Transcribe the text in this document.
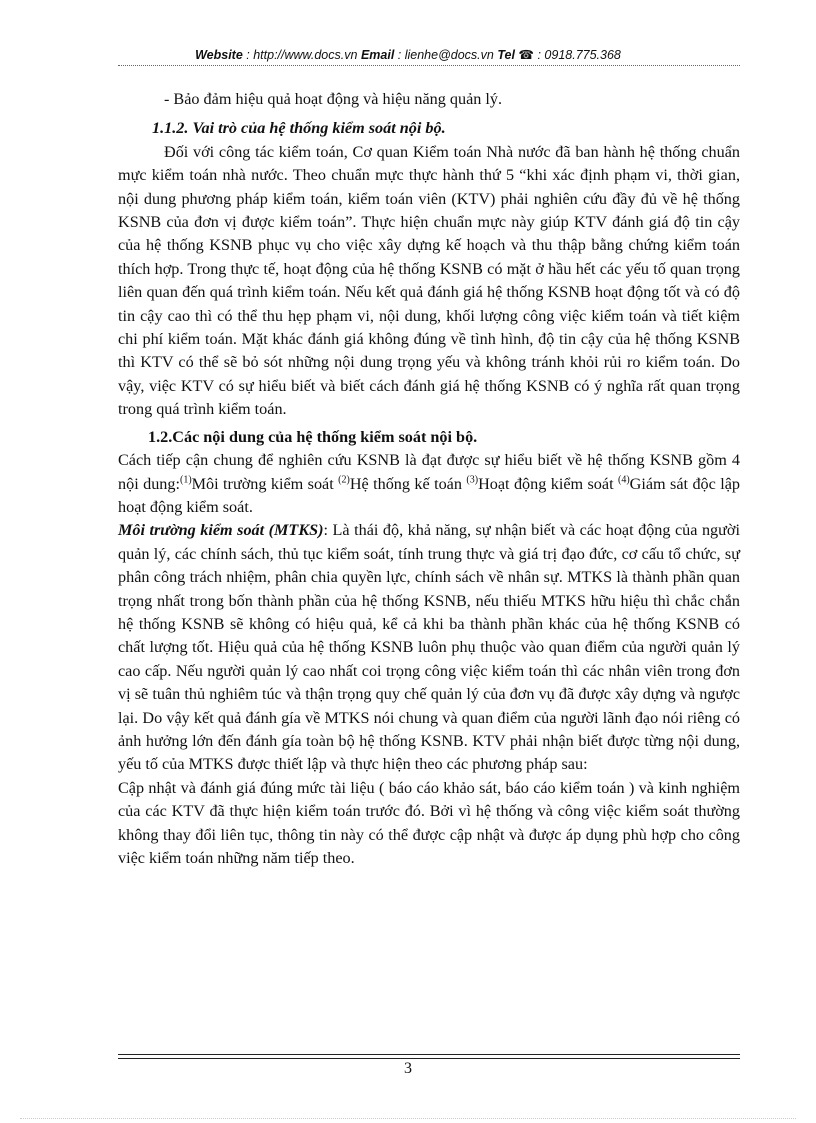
Website : http://www.docs.vn Email : lienhe@docs.vn Tel ☎ : 0918.775.368

- Bảo đảm hiệu quả hoạt động và hiệu năng quản lý.

1.1.2. Vai trò của hệ thống kiểm soát nội bộ.

Đối với công tác kiểm toán, Cơ quan Kiểm toán Nhà nước đã ban hành hệ thống chuẩn mực kiểm toán nhà nước. Theo chuẩn mực thực hành thứ 5 “khi xác định phạm vi, thời gian, nội dung phương pháp kiểm toán, kiểm toán viên (KTV) phải nghiên cứu đầy đủ về hệ thống KSNB của đơn vị được kiểm toán”. Thực hiện chuẩn mực này giúp KTV đánh giá độ tin cậy của hệ thống KSNB phục vụ cho việc xây dựng kế hoạch và thu thập bằng chứng kiểm toán thích hợp. Trong thực tế, hoạt động của hệ thống KSNB có mặt ở hầu hết các yếu tố quan trọng liên quan đến quá trình kiểm toán. Nếu kết quả đánh giá hệ thống KSNB hoạt động tốt và có độ tin cậy cao thì có thể thu hẹp phạm vi, nội dung, khối lượng công việc kiểm toán và tiết kiệm chi phí kiểm toán. Mặt khác đánh giá không đúng về tình hình, độ tin cậy của hệ thống KSNB thì KTV có thể sẽ bỏ sót những nội dung trọng yếu và không tránh khỏi rủi ro kiểm toán. Do vậy, việc KTV có sự hiểu biết và biết cách đánh giá hệ thống KSNB có ý nghĩa rất quan trọng trong quá trình kiểm toán.

1.2.Các nội dung của hệ thống kiểm soát nội bộ.

Cách tiếp cận chung để nghiên cứu KSNB là đạt được sự hiểu biết về hệ thống KSNB gồm 4 nội dung:$^{(1)}$Môi trường kiểm soát $^{(2)}$Hệ thống kế toán $^{(3)}$Hoạt động kiểm soát $^{(4)}$Giám sát độc lập hoạt động kiểm soát.

Môi trường kiểm soát (MTKS): Là thái độ, khả năng, sự nhận biết và các hoạt động của người quản lý, các chính sách, thủ tục kiểm soát, tính trung thực và giá trị đạo đức, cơ cấu tổ chức, sự phân công trách nhiệm, phân chia quyền lực, chính sách về nhân sự. MTKS là thành phần quan trọng nhất trong bốn thành phần của hệ thống KSNB, nếu thiếu MTKS hữu hiệu thì chắc chắn hệ thống KSNB sẽ không có hiệu quả, kể cả khi ba thành phần khác của hệ thống KSNB có chất lượng tốt. Hiệu quả của hệ thống KSNB luôn phụ thuộc vào quan điểm của người quản lý cao cấp. Nếu người quản lý cao nhất coi trọng công việc kiểm toán thì các nhân viên trong đơn vị sẽ tuân thủ nghiêm túc và thận trọng quy chế quản lý của đơn vụ đã được xây dựng và ngược lại. Do vậy kết quả đánh gía về MTKS nói chung và quan điểm của người lãnh đạo nói riêng có ảnh hưởng lớn đến đánh gía toàn bộ hệ thống KSNB. KTV phải nhận biết được từng nội dung, yếu tố của MTKS được thiết lập và thực hiện theo các phương pháp sau:

Cập nhật và đánh giá đúng mức tài liệu ( báo cáo khảo sát, báo cáo kiểm toán ) và kinh nghiệm của các KTV đã thực hiện kiểm toán trước đó. Bởi vì hệ thống và công việc kiểm soát thường không thay đổi liên tục, thông tin này có thể được cập nhật và được áp dụng phù hợp cho công việc kiểm toán những năm tiếp theo.

3
